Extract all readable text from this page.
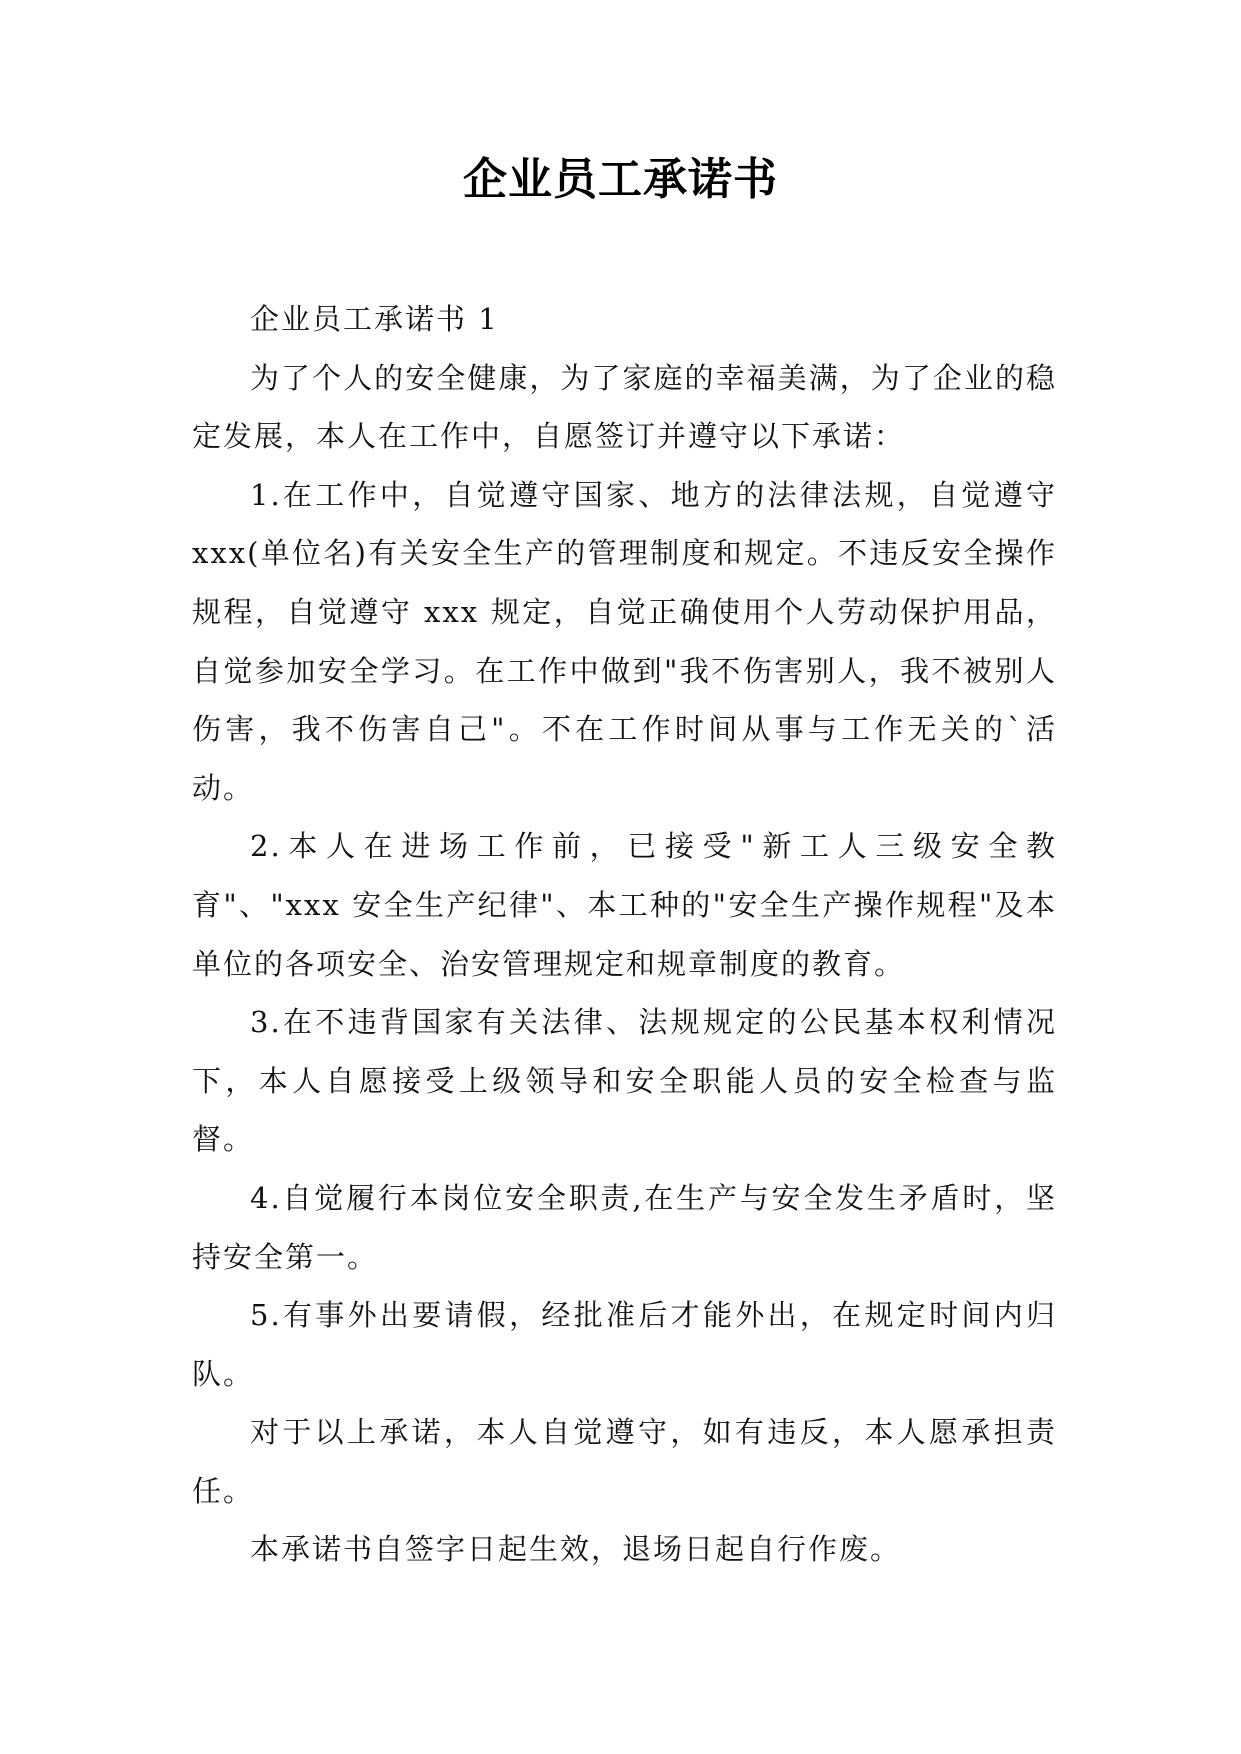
企业员工承诺书

企业员工承诺书 1

为了个人的安全健康，为了家庭的幸福美满，为了企业的稳定发展，本人在工作中，自愿签订并遵守以下承诺：

1.在工作中，自觉遵守国家、地方的法律法规，自觉遵守 xxx(单位名)有关安全生产的管理制度和规定。不违反安全操作规程，自觉遵守 xxx 规定，自觉正确使用个人劳动保护用品，自觉参加安全学习。在工作中做到"我不伤害别人，我不被别人伤害，我不伤害自己"。不在工作时间从事与工作无关的`活动。

2.本人在进场工作前，已接受"新工人三级安全教育"、"xxx 安全生产纪律"、本工种的"安全生产操作规程"及本单位的各项安全、治安管理规定和规章制度的教育。

3.在不违背国家有关法律、法规规定的公民基本权利情况下，本人自愿接受上级领导和安全职能人员的安全检查与监督。

4.自觉履行本岗位安全职责,在生产与安全发生矛盾时，坚持安全第一。

5.有事外出要请假，经批准后才能外出，在规定时间内归队。

对于以上承诺，本人自觉遵守，如有违反，本人愿承担责任。

本承诺书自签字日起生效，退场日起自行作废。
